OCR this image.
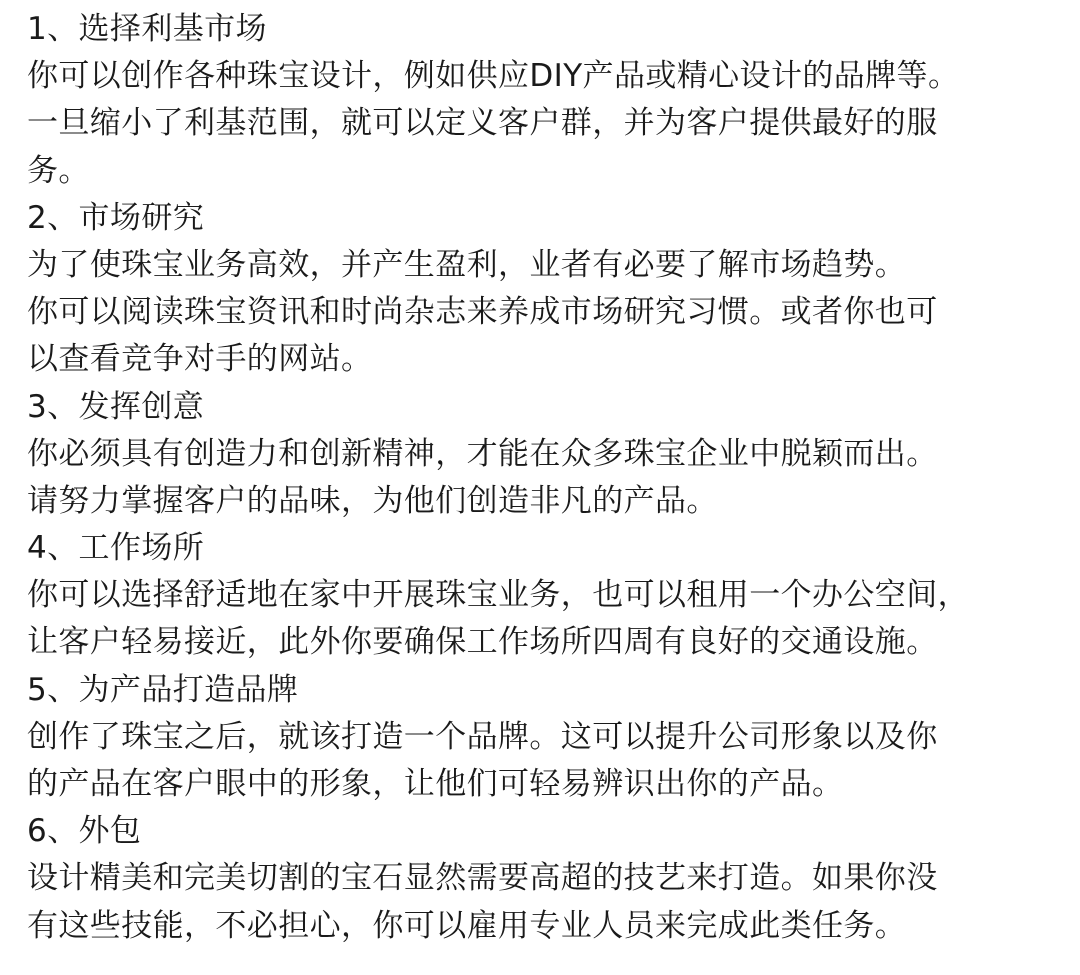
1、选择利基市场
你可以创作各种珠宝设计，例如供应DIY产品或精心设计的品牌等。
一旦缩小了利基范围，就可以定义客户群，并为客户提供最好的服
务。
2、市场研究
为了使珠宝业务高效，并产生盈利，业者有必要了解市场趋势。
你可以阅读珠宝资讯和时尚杂志来养成市场研究习惯。或者你也可
以查看竞争对手的网站。
3、发挥创意
你必须具有创造力和创新精神，才能在众多珠宝企业中脱颖而出。
请努力掌握客户的品味，为他们创造非凡的产品。
4、工作场所
你可以选择舒适地在家中开展珠宝业务，也可以租用一个办公空间，
让客户轻易接近，此外你要确保工作场所四周有良好的交通设施。
5、为产品打造品牌
创作了珠宝之后，就该打造一个品牌。这可以提升公司形象以及你
的产品在客户眼中的形象，让他们可轻易辨识出你的产品。
6、外包
设计精美和完美切割的宝石显然需要高超的技艺来打造。如果你没
有这些技能，不必担心，你可以雇用专业人员来完成此类任务。
